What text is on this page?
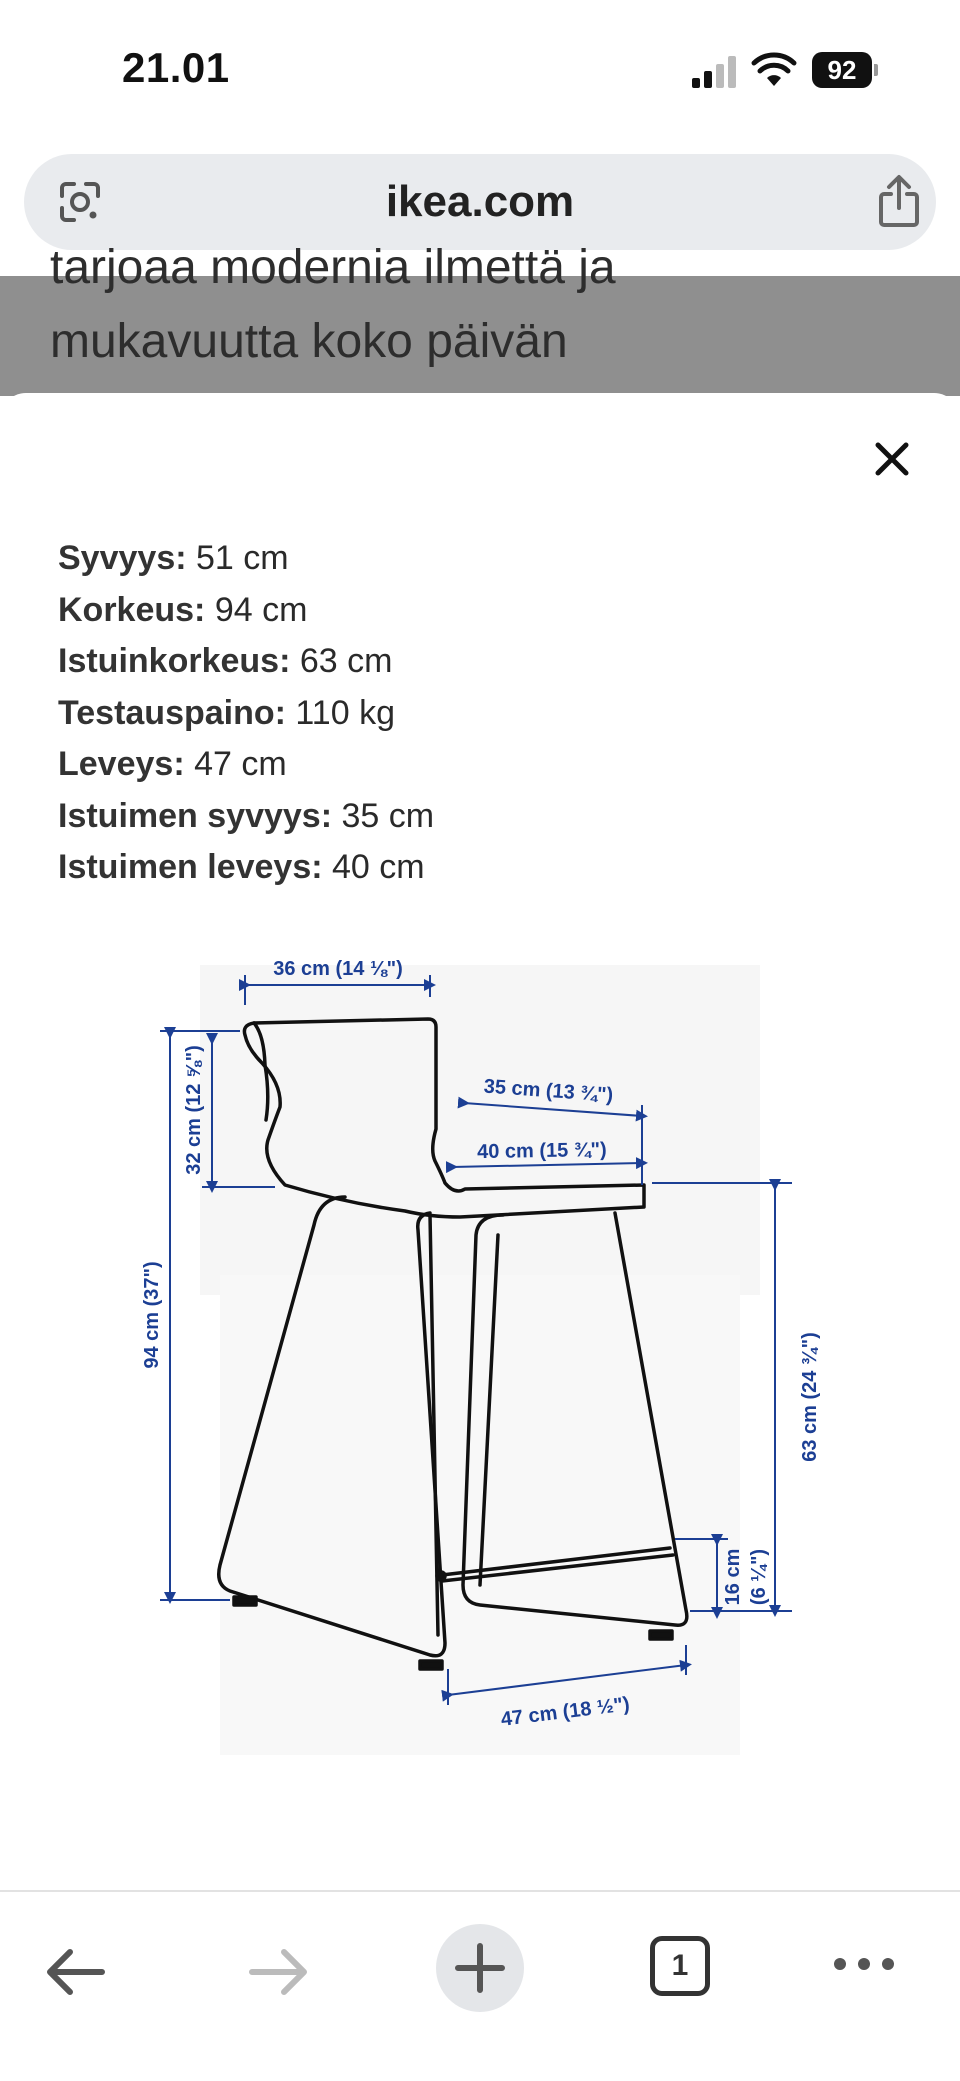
21.01	92
ikea.com
tarjoaa modernia ilmettä ja
mukavuutta koko päivän
Syvyys: 51 cm
Korkeus: 94 cm
Istuinkorkeus: 63 cm
Testauspaino: 110 kg
Leveys: 47 cm
Istuimen syvyys: 35 cm
Istuimen leveys: 40 cm
36 cm (14 ⅛")
94 cm (37")
32 cm (12 ⅝")	35 cm (13 ¾")
40 cm (15 ¾")
63 cm (24 ¾")
16 cm (6 ¼")
47 cm (18 ½")
1
